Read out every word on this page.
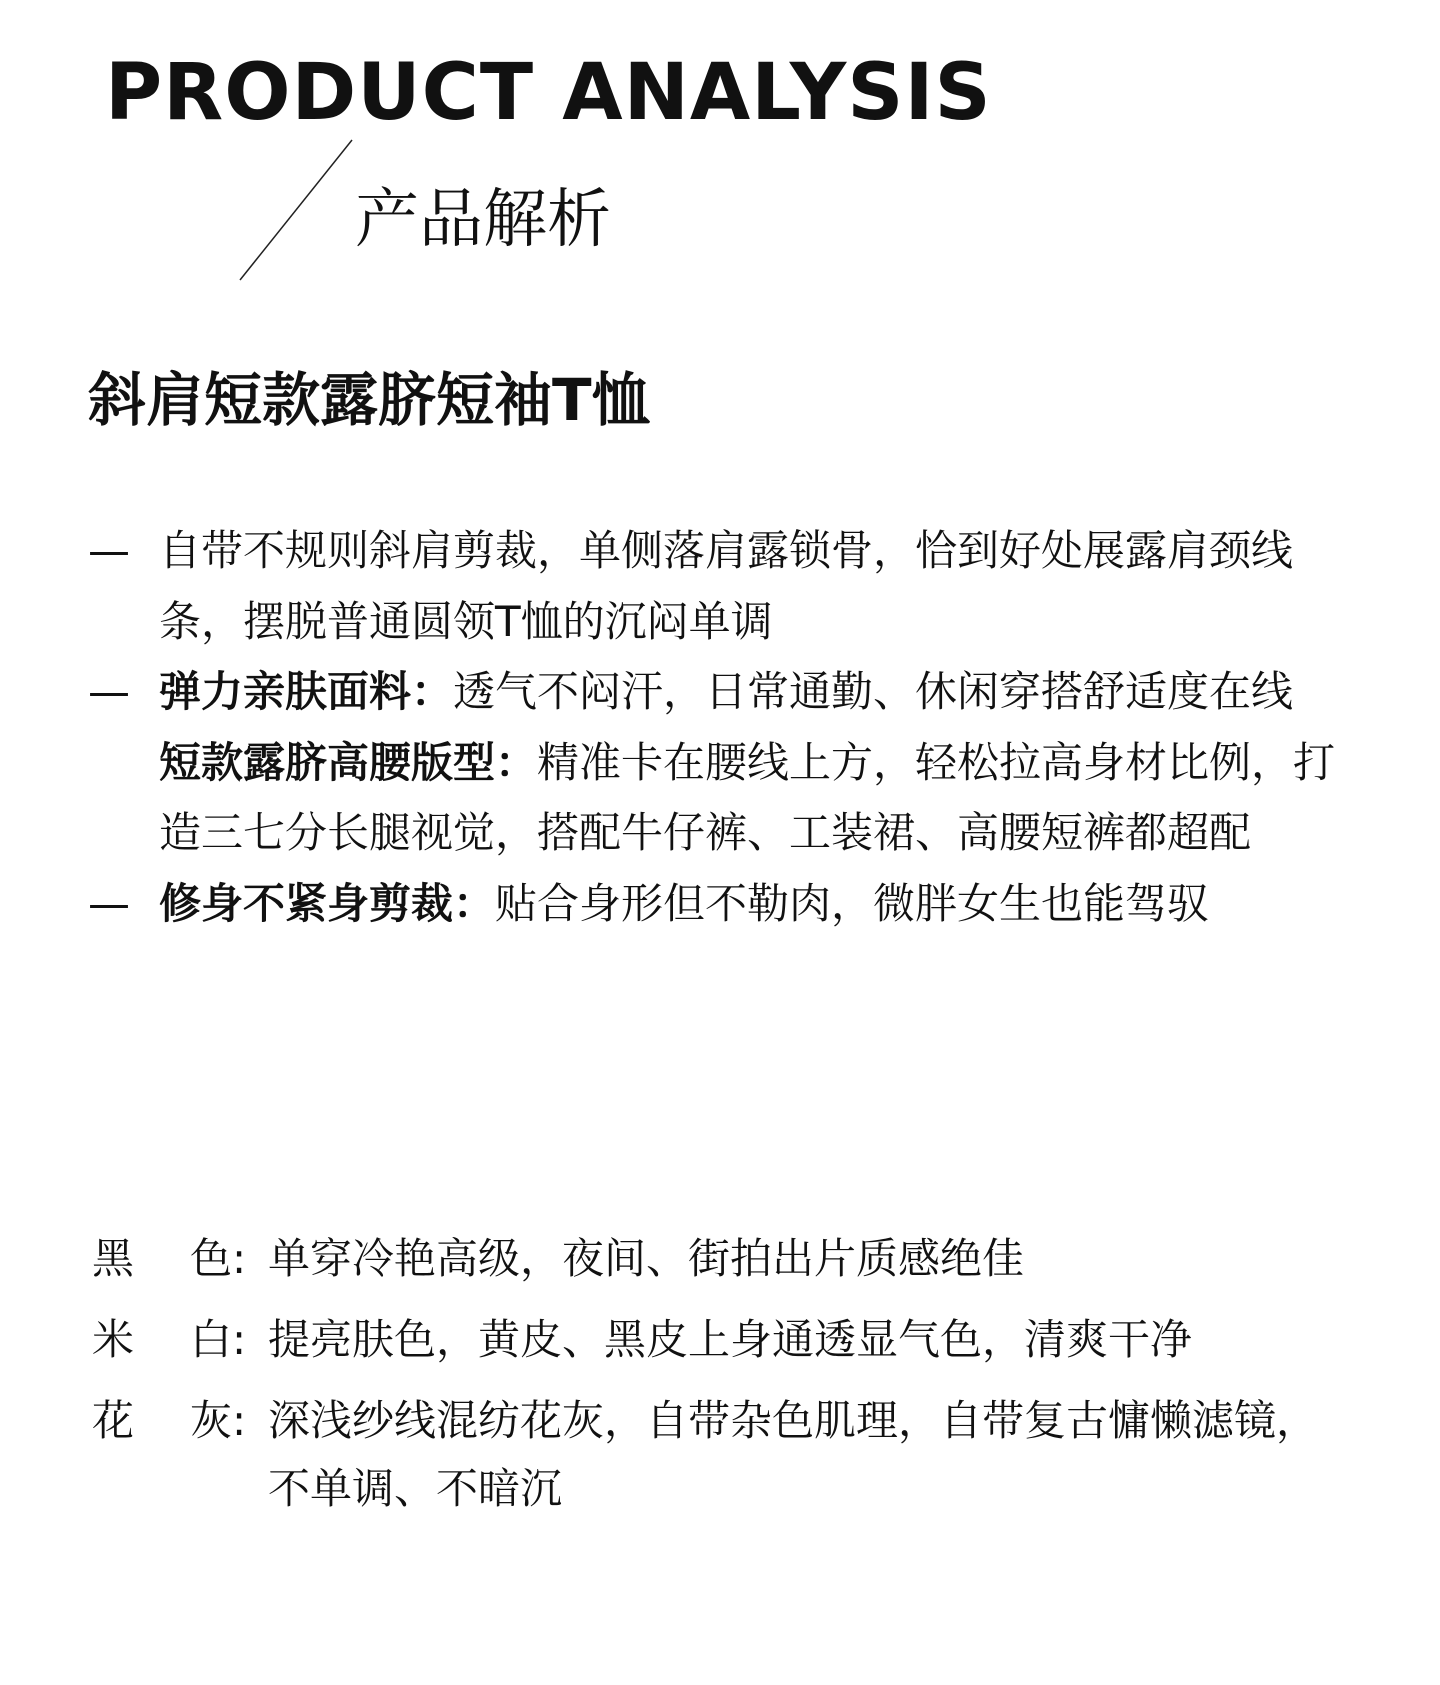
PRODUCT ANALYSIS
产品解析
斜肩短款露脐短袖T恤
— 自带不规则斜肩剪裁，单侧落肩露锁骨，恰到好处展露肩颈线条，摆脱普通圆领T恤的沉闷单调
— 弹力亲肤面料：透气不闷汗，日常通勤、休闲穿搭舒适度在线
短款露脐高腰版型：精准卡在腰线上方，轻松拉高身材比例，打造三七分长腿视觉，搭配牛仔裤、工装裙、高腰短裤都超配
— 修身不紧身剪裁：贴合身形但不勒肉，微胖女生也能驾驭
黑 色 : 单穿冷艳高级，夜间、街拍出片质感绝佳
米 白 : 提亮肤色，黄皮、黑皮上身通透显气色，清爽干净
花 灰 : 深浅纱线混纺花灰，自带杂色肌理，自带复古慵懒滤镜，不单调、不暗沉
